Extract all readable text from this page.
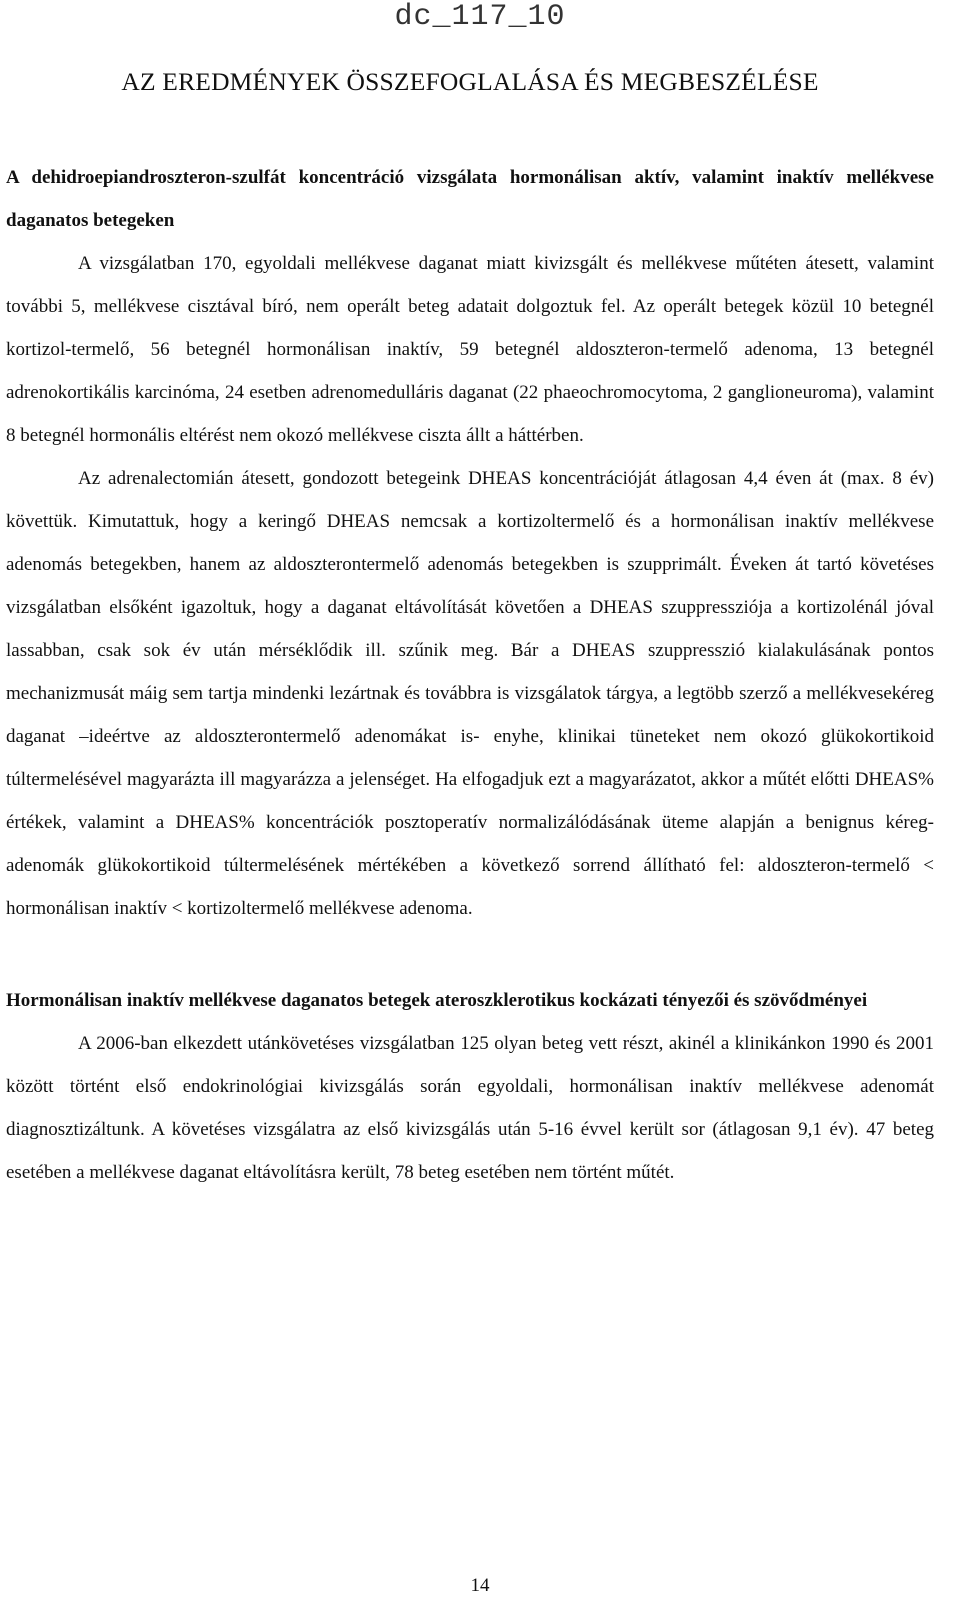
dc_117_10
AZ EREDMÉNYEK ÖSSZEFOGLALÁSA ÉS MEGBESZÉLÉSE
A dehidroepiandroszteron-szulfát koncentráció vizsgálata hormonálisan aktív, valamint inaktív mellékvese daganatos betegeken

A vizsgálatban 170, egyoldali mellékvese daganat miatt kivizsgált és mellékvese műtéten átesett, valamint további 5, mellékvese cisztával bíró, nem operált beteg adatait dolgoztuk fel. Az operált betegek közül 10 betegnél kortizol-termelő, 56 betegnél hormonálisan inaktív, 59 betegnél aldoszteron-termelő adenoma, 13 betegnél adrenokortikális karcinóma, 24 esetben adrenomedulláris daganat (22 phaeochromocytoma, 2 ganglioneuroma), valamint 8 betegnél hormonális eltérést nem okozó mellékvese ciszta állt a háttérben.

Az adrenalectomián átesett, gondozott betegeink DHEAS koncentrációját átlagosan 4,4 éven át (max. 8 év) követtük. Kimutattuk, hogy a keringő DHEAS nemcsak a kortizoltermelő és a hormonálisan inaktív mellékvese adenomás betegekben, hanem az aldoszterontermelő adenomás betegekben is szupprimált. Éveken át tartó követéses vizsgálatban elsőként igazoltuk, hogy a daganat eltávolítását követően a DHEAS szuppressziója a kortizolénál jóval lassabban, csak sok év után mérséklődik ill. szűnik meg. Bár a DHEAS szuppresszió kialakulásának pontos mechanizmusát máig sem tartja mindenki lezártnak és továbbra is vizsgálatok tárgya, a legtöbb szerző a mellékvesekéreg daganat –ideértve az aldoszterontermelő adenomákat is- enyhe, klinikai tüneteket nem okozó glükokortikoid túltermelésével magyarázta ill magyarázza a jelenséget. Ha elfogadjuk ezt a magyarázatot, akkor a műtét előtti DHEAS% értékek, valamint a DHEAS% koncentrációk posztoperatív normalizálódásának üteme alapján a benignus kéreg-adenomák glükokortikoid túltermelésének mértékében a következő sorrend állítható fel: aldoszteron-termelő < hormonálisan inaktív < kortizoltermelő mellékvese adenoma.

Hormonálisan inaktív mellékvese daganatos betegek ateroszklerotikus kockázati tényezői és szövődményei

A 2006-ban elkezdett utánkövetéses vizsgálatban 125 olyan beteg vett részt, akinél a klinikánkon 1990 és 2001 között történt első endokrinológiai kivizsgálás során egyoldali, hormonálisan inaktív mellékvese adenomát diagnosztizáltunk. A követéses vizsgálatra az első kivizsgálás után 5-16 évvel került sor (átlagosan 9,1 év). 47 beteg esetében a mellékvese daganat eltávolításra került, 78 beteg esetében nem történt műtét.

14
